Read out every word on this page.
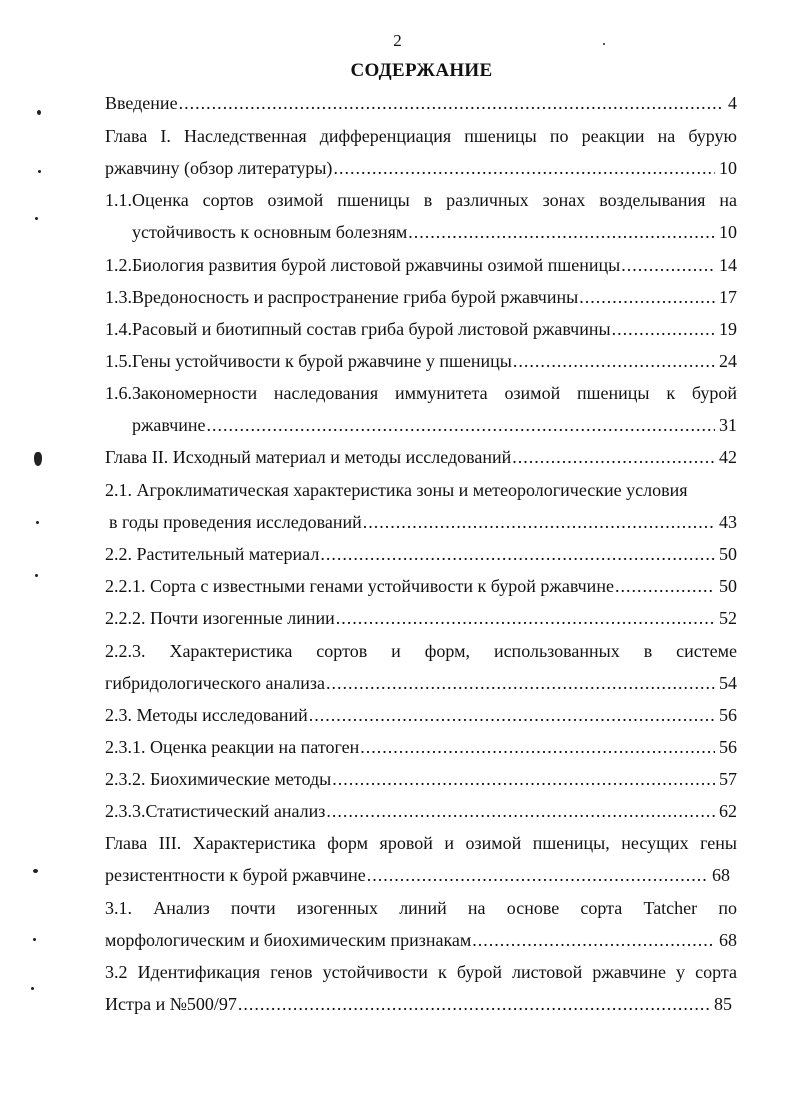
2
СОДЕРЖАНИЕ
Введение .....	4
Глава I. Наследственная дифференциация пшеницы по реакции на бурую
ржавчину (обзор литературы) .....	10
1.1.Оценка сортов озимой пшеницы в различных зонах возделывания на
устойчивость к основным болезням .....	10
1.2.Биология развития бурой листовой ржавчины озимой пшеницы .....	14
1.3.Вредоносность и распространение гриба бурой ржавчины .....	17
1.4.Расовый и биотипный состав гриба бурой листовой ржавчины .....	19
1.5.Гены устойчивости к бурой ржавчине у пшеницы .....	24
1.6.Закономерности наследования иммунитета озимой пшеницы к бурой
ржавчине .....	31
Глава II. Исходный материал и методы исследований .....	42
2.1. Агроклиматическая характеристика зоны и метеорологические условия
в годы проведения исследований .....	43
2.2. Растительный материал .....	50
2.2.1. Сорта с известными генами устойчивости к бурой ржавчине .....	50
2.2.2. Почти изогенные линии .....	52
2.2.3. Характеристика сортов и форм, использованных в системе
гибридологического анализа .....	54
2.3. Методы исследований .....	56
2.3.1. Оценка реакции на патоген .....	56
2.3.2. Биохимические методы .....	57
2.3.3.Статистический анализ .....	62
Глава III. Характеристика форм яровой и озимой пшеницы, несущих гены
резистентности к бурой ржавчине .....	68
3.1. Анализ почти изогенных линий на основе сорта Tatcher по
морфологическим и биохимическим признакам .....	68
3.2 Идентификация генов устойчивости к бурой листовой ржавчине у сорта
Истра и №500/97 .....	85
